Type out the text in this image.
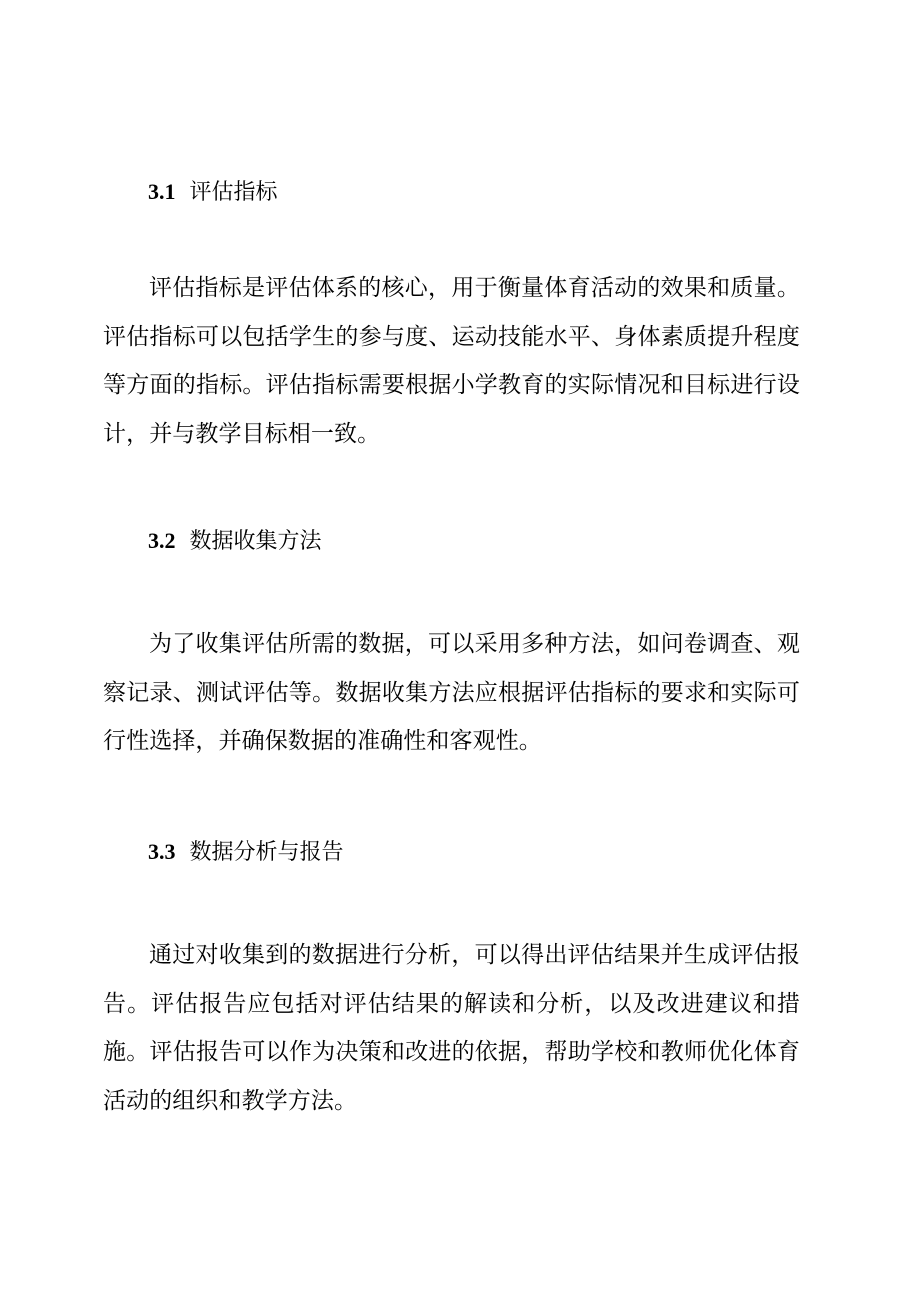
3.1 评估指标

评估指标是评估体系的核心，用于衡量体育活动的效果和质量。评估指标可以包括学生的参与度、运动技能水平、身体素质提升程度等方面的指标。评估指标需要根据小学教育的实际情况和目标进行设计，并与教学目标相一致。

3.2 数据收集方法

为了收集评估所需的数据，可以采用多种方法，如问卷调查、观察记录、测试评估等。数据收集方法应根据评估指标的要求和实际可行性选择，并确保数据的准确性和客观性。

3.3 数据分析与报告

通过对收集到的数据进行分析，可以得出评估结果并生成评估报告。评估报告应包括对评估结果的解读和分析，以及改进建议和措施。评估报告可以作为决策和改进的依据，帮助学校和教师优化体育活动的组织和教学方法。
